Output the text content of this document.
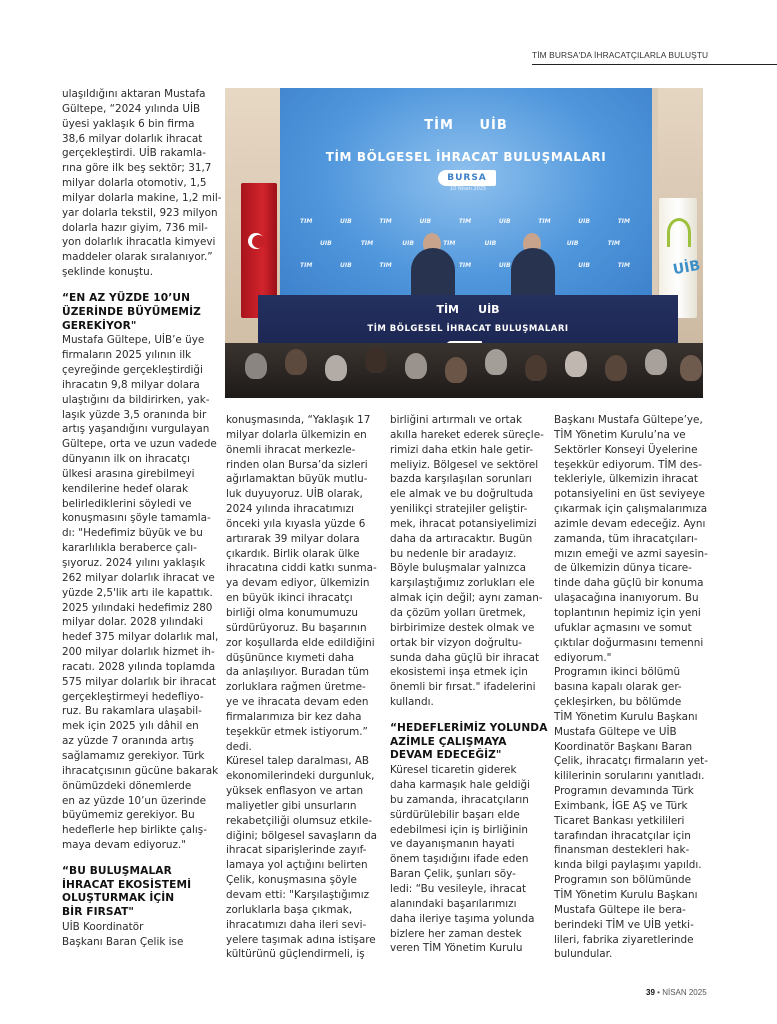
TİM BURSA'DA İHRACATÇILARLA BULUŞTU
TİM UİB
TİM BÖLGESEL İHRACAT BULUŞMALARI
BURSA
10 Nisan 2025
TİM	UİB	TİM	UİB	TİM	UİB	TİM	UİB	TİM
UİB	TİM	UİB	TİM	UİB	UİB	TİM
TİM	UİB	TİM	TİM	UİB	UİB	TİM	UİB
TİM UİB
TİM BÖLGESEL İHRACAT BULUŞMALARI

ulaşıldığını aktaran Mustafa
Gültepe, “2024 yılında UİB
üyesi yaklaşık 6 bin firma
38,6 milyar dolarlık ihracat
gerçekleştirdi. UİB rakamla-
rına göre ilk beş sektör; 31,7
milyar dolarla otomotiv, 1,5
milyar dolarla makine, 1,2 mil-
yar dolarla tekstil, 923 milyon
dolarla hazır giyim, 736 mil-
yon dolarlık ihracatla kimyevi
maddeler olarak sıralanıyor.”
şeklinde konuştu.

“EN AZ YÜZDE 10’UN
ÜZERİNDE BÜYÜMEMİZ
GEREKİYOR"

Mustafa Gültepe, UİB’e üye
firmaların 2025 yılının ilk
çeyreğinde gerçekleştirdiği
ihracatın 9,8 milyar dolara
ulaştığını da bildirirken, yak-
laşık yüzde 3,5 oranında bir
artış yaşandığını vurgulayan
Gültepe, orta ve uzun vadede
dünyanın ilk on ihracatçı
ülkesi arasına girebilmeyi
kendilerine hedef olarak
belirlediklerini söyledi ve
konuşmasını şöyle tamamla-
dı: "Hedefimiz büyük ve bu
kararlılıkla beraberce çalı-
şıyoruz. 2024 yılını yaklaşık
262 milyar dolarlık ihracat ve
yüzde 2,5'lik artı ile kapattık.
2025 yılındaki hedefimiz 280
milyar dolar. 2028 yılındaki
hedef 375 milyar dolarlık mal,
200 milyar dolarlık hizmet ih-
racatı. 2028 yılında toplamda
575 milyar dolarlık bir ihracat
gerçekleştirmeyi hedefliyo-
ruz. Bu rakamlara ulaşabil-
mek için 2025 yılı dâhil en
az yüzde 7 oranında artış
sağlamamız gerekiyor. Türk
ihracatçısının gücüne bakarak
önümüzdeki dönemlerde
en az yüzde 10’un üzerinde
büyümemiz gerekiyor. Bu
hedeflerle hep birlikte çalış-
maya devam ediyoruz."

“BU BULUŞMALAR
İHRACAT EKOSİSTEMİ
OLUŞTURMAK İÇİN
BİR FIRSAT"

UİB Koordinatör
Başkanı Baran Çelik ise

konuşmasında, “Yaklaşık 17
milyar dolarla ülkemizin en
önemli ihracat merkezle-
rinden olan Bursa’da sizleri
ağırlamaktan büyük mutlu-
luk duyuyoruz. UİB olarak,
2024 yılında ihracatımızı
önceki yıla kıyasla yüzde 6
artırarak 39 milyar dolara
çıkardık. Birlik olarak ülke
ihracatına ciddi katkı sunma-
ya devam ediyor, ülkemizin
en büyük ikinci ihracatçı
birliği olma konumumuzu
sürdürüyoruz. Bu başarının
zor koşullarda elde edildiğini
düşününce kıymeti daha
da anlaşılıyor. Buradan tüm
zorluklara rağmen üretme-
ye ve ihracata devam eden
firmalarımıza bir kez daha
teşekkür etmek istiyorum.”
dedi.
Küresel talep daralması, AB
ekonomilerindeki durgunluk,
yüksek enflasyon ve artan
maliyetler gibi unsurların
rekabetçiliği olumsuz etkile-
diğini; bölgesel savaşların da
ihracat siparişlerinde zayıf-
lamaya yol açtığını belirten
Çelik, konuşmasına şöyle
devam etti: "Karşılaştığımız
zorluklarla başa çıkmak,
ihracatımızı daha ileri sevi-
yelere taşımak adına istişare
kültürünü güçlendirmeli, iş

birliğini artırmalı ve ortak
akılla hareket ederek süreçle-
rimizi daha etkin hale getir-
meliyiz. Bölgesel ve sektörel
bazda karşılaşılan sorunları
ele almak ve bu doğrultuda
yenilikçi stratejiler geliştir-
mek, ihracat potansiyelimizi
daha da artıracaktır. Bugün
bu nedenle bir aradayız.
Böyle buluşmalar yalnızca
karşılaştığımız zorlukları ele
almak için değil; aynı zaman-
da çözüm yolları üretmek,
birbirimize destek olmak ve
ortak bir vizyon doğrultu-
sunda daha güçlü bir ihracat
ekosistemi inşa etmek için
önemli bir fırsat." ifadelerini
kullandı.

“HEDEFLERİMİZ YOLUNDA
AZİMLE ÇALIŞMAYA
DEVAM EDECEĞİZ"

Küresel ticaretin giderek
daha karmaşık hale geldiği
bu zamanda, ihracatçıların
sürdürülebilir başarı elde
edebilmesi için iş birliğinin
ve dayanışmanın hayati
önem taşıdığını ifade eden
Baran Çelik, şunları söy-
ledi: “Bu vesileyle, ihracat
alanındaki başarılarımızı
daha ileriye taşıma yolunda
bizlere her zaman destek
veren TİM Yönetim Kurulu

Başkanı Mustafa Gültepe’ye,
TİM Yönetim Kurulu’na ve
Sektörler Konseyi Üyelerine
teşekkür ediyorum. TİM des-
tekleriyle, ülkemizin ihracat
potansiyelini en üst seviyeye
çıkarmak için çalışmalarımıza
azimle devam edeceğiz. Aynı
zamanda, tüm ihracatçıları-
mızın emeği ve azmi sayesin-
de ülkemizin dünya ticare-
tinde daha güçlü bir konuma
ulaşacağına inanıyorum. Bu
toplantının hepimiz için yeni
ufuklar açmasını ve somut
çıktılar doğurmasını temenni
ediyorum."
Programın ikinci bölümü
basına kapalı olarak ger-
çekleşirken, bu bölümde
TİM Yönetim Kurulu Başkanı
Mustafa Gültepe ve UİB
Koordinatör Başkanı Baran
Çelik, ihracatçı firmaların yet-
kililerinin sorularını yanıtladı.
Programın devamında Türk
Eximbank, İGE AŞ ve Türk
Ticaret Bankası yetkilileri
tarafından ihracatçılar için
finansman destekleri hak-
kında bilgi paylaşımı yapıldı.
Programın son bölümünde
TİM Yönetim Kurulu Başkanı
Mustafa Gültepe ile bera-
berindeki TİM ve UİB yetki-
lileri, fabrika ziyaretlerinde
bulundular.

39 • NİSAN 2025
